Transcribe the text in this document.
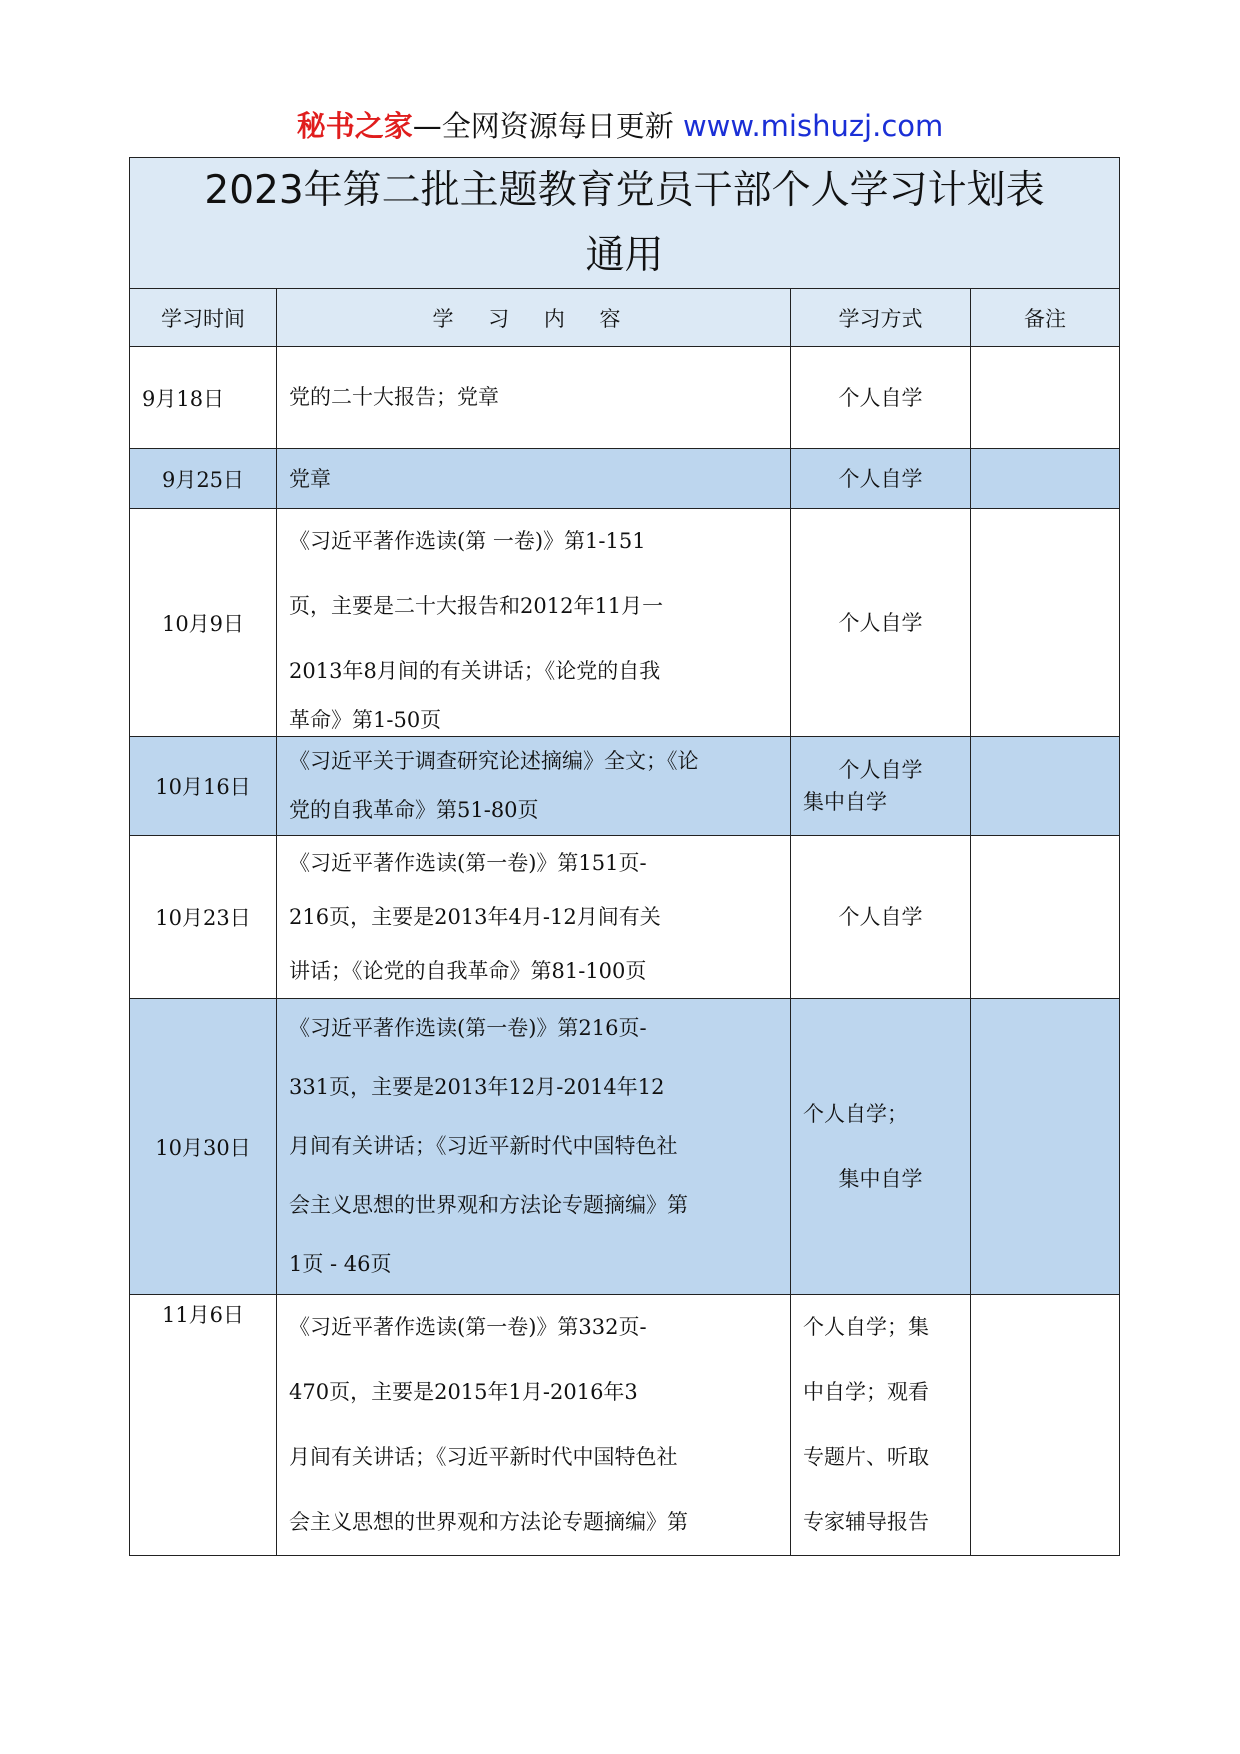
秘书之家—全网资源每日更新 www.mishuzj.com
2023年第二批主题教育党员干部个人学习计划表
通用			

学习时间	学 习 内 容	学习方式	备注
9月18日	党的二十大报告；党章	个人自学	

9月25日	党章	个人自学	

10月9日	《习近平著作选读(第 一卷)》第1-151
页，主要是二十大报告和2012年11月一
2013年8月间的有关讲话；《论党的自我
革命》第1-50页	个人自学	

10月16日	《习近平关于调查研究论述摘编》全文；《论
党的自我革命》第51-80页	个人自学
集中自学	

10月23日	《习近平著作选读(第一卷)》第151页-
216页，主要是2013年4月-12月间有关
讲话；《论党的自我革命》第81-100页	个人自学	

10月30日	《习近平著作选读(第一卷)》第216页-
331页，主要是2013年12月-2014年12
月间有关讲话；《习近平新时代中国特色社
会主义思想的世界观和方法论专题摘编》第
1页 - 46页	个人自学；
集中自学	

11月6日	《习近平著作选读(第一卷)》第332页-
470页，主要是2015年1月-2016年3
月间有关讲话；《习近平新时代中国特色社
会主义思想的世界观和方法论专题摘编》第	个人自学；集
中自学；观看
专题片、听取
专家辅导报告	
